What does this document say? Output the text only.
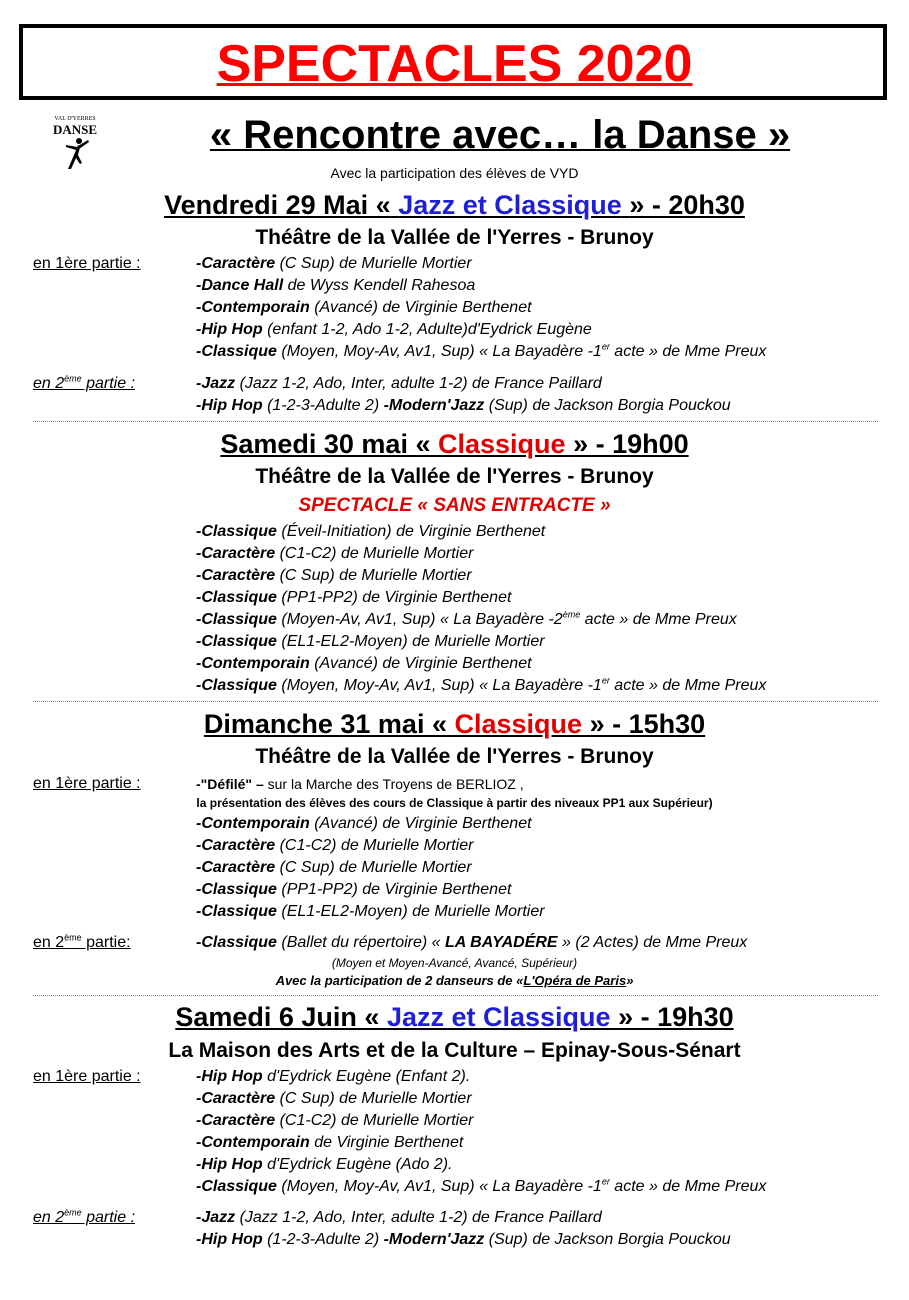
SPECTACLES 2020
VAL D'YERRES
DANSE	« Rencontre avec… la Danse »
Avec la participation des élèves de VYD
Vendredi 29 Mai « Jazz et Classique » - 20h30
Théâtre de la Vallée de l'Yerres - Brunoy
en 1ère partie :	-Caractère (C Sup) de Murielle Mortier
-Dance Hall de Wyss Kendell Rahesoa
-Contemporain (Avancé) de Virginie Berthenet
-Hip Hop (enfant 1-2, Ado 1-2, Adulte)d'Eydrick Eugène
-Classique (Moyen, Moy-Av, Av1, Sup) « La Bayadère -1er acte » de Mme Preux
en 2ème partie :	-Jazz (Jazz 1-2, Ado, Inter, adulte 1-2) de France Paillard
-Hip Hop (1-2-3-Adulte 2) -Modern'Jazz (Sup) de Jackson Borgia Pouckou
Samedi 30 mai « Classique » - 19h00
Théâtre de la Vallée de l'Yerres - Brunoy
SPECTACLE « SANS ENTRACTE »
-Classique (Éveil-Initiation) de Virginie Berthenet
-Caractère (C1-C2) de Murielle Mortier
-Caractère (C Sup) de Murielle Mortier
-Classique (PP1-PP2) de Virginie Berthenet
-Classique (Moyen-Av, Av1, Sup) « La Bayadère -2ème acte » de Mme Preux
-Classique (EL1-EL2-Moyen) de Murielle Mortier
-Contemporain (Avancé) de Virginie Berthenet
-Classique (Moyen, Moy-Av, Av1, Sup) « La Bayadère -1er acte » de Mme Preux
Dimanche 31 mai « Classique » - 15h30
Théâtre de la Vallée de l'Yerres - Brunoy
en 1ère partie :	-"Défilé" – sur la Marche des Troyens de BERLIOZ ,
la présentation des élèves des cours de Classique à partir des niveaux PP1 aux Supérieur)
-Contemporain (Avancé) de Virginie Berthenet
-Caractère (C1-C2) de Murielle Mortier
-Caractère (C Sup) de Murielle Mortier
-Classique (PP1-PP2) de Virginie Berthenet
-Classique (EL1-EL2-Moyen) de Murielle Mortier
en 2ème partie:	-Classique (Ballet du répertoire) « LA BAYADÉRE » (2 Actes) de Mme Preux
(Moyen et Moyen-Avancé, Avancé, Supérieur)
Avec la participation de 2 danseurs de «L'Opéra de Paris»
Samedi 6 Juin « Jazz et Classique » - 19h30
La Maison des Arts et de la Culture – Epinay-Sous-Sénart
en 1ère partie :	-Hip Hop d'Eydrick Eugène (Enfant 2).
-Caractère (C Sup) de Murielle Mortier
-Caractère (C1-C2) de Murielle Mortier
-Contemporain de Virginie Berthenet
-Hip Hop d'Eydrick Eugène (Ado 2).
-Classique (Moyen, Moy-Av, Av1, Sup) « La Bayadère -1er acte » de Mme Preux
en 2ème partie :	-Jazz (Jazz 1-2, Ado, Inter, adulte 1-2) de France Paillard
-Hip Hop (1-2-3-Adulte 2) -Modern'Jazz (Sup) de Jackson Borgia Pouckou
